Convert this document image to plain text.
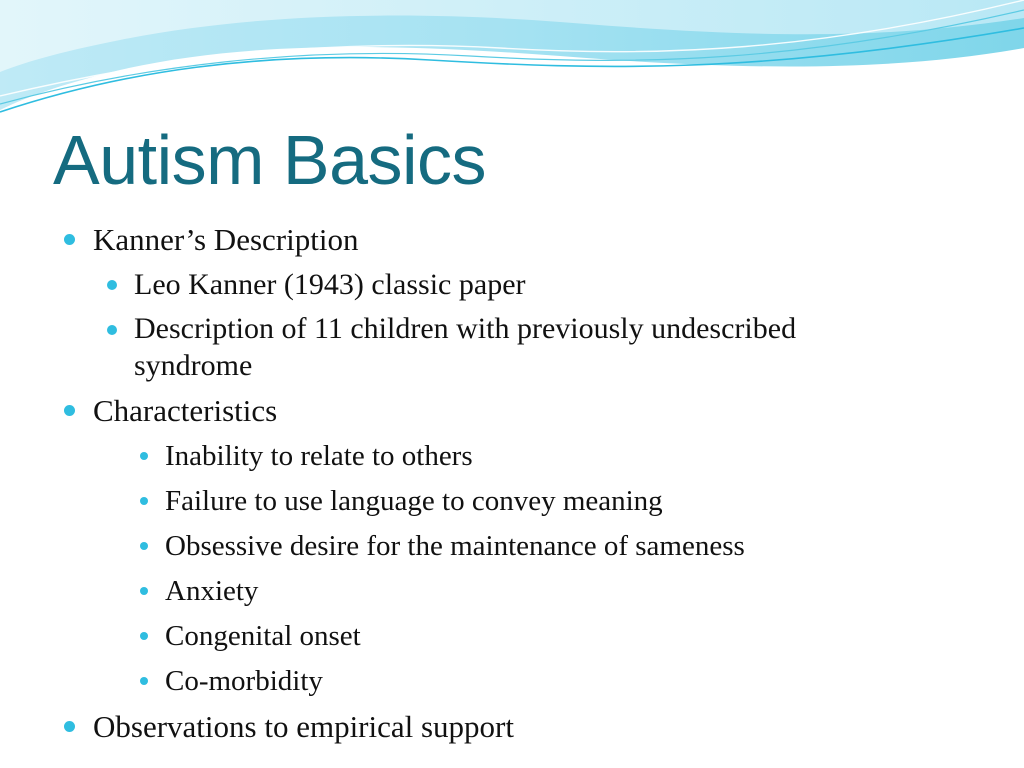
Autism Basics
Kanner’s Description
Leo Kanner (1943) classic paper
Description of 11 children with previously undescribed
syndrome
Characteristics
Inability to relate to others
Failure to use language to convey meaning
Obsessive desire for the maintenance of sameness
Anxiety
Congenital onset
Co-morbidity
Observations to empirical support
